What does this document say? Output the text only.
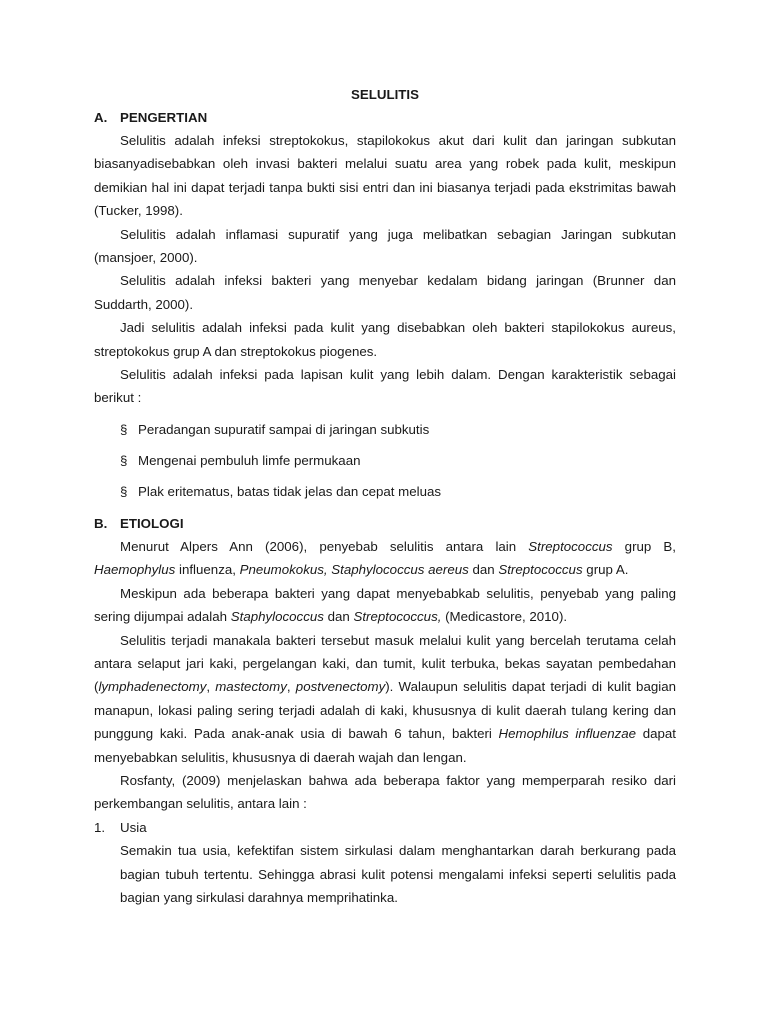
SELULITIS
A. PENGERTIAN

Selulitis adalah infeksi streptokokus, stapilokokus akut dari kulit dan jaringan subkutan biasanyadisebabkan oleh invasi bakteri melalui suatu area yang robek pada kulit, meskipun demikian hal ini dapat terjadi tanpa bukti sisi entri dan ini biasanya terjadi pada ekstrimitas bawah (Tucker, 1998).

Selulitis adalah inflamasi supuratif yang juga melibatkan sebagian Jaringan subkutan (mansjoer, 2000).

Selulitis adalah infeksi bakteri yang menyebar kedalam bidang jaringan (Brunner dan Suddarth, 2000).

Jadi selulitis adalah infeksi pada kulit yang disebabkan oleh bakteri stapilokokus aureus, streptokokus grup A dan streptokokus piogenes.

Selulitis adalah infeksi pada lapisan kulit yang lebih dalam. Dengan karakteristik sebagai berikut :

§ Peradangan supuratif sampai di jaringan subkutis
§ Mengenai pembuluh limfe permukaan
§ Plak eritematus, batas tidak jelas dan cepat meluas
B. ETIOLOGI

Menurut Alpers Ann (2006), penyebab selulitis antara lain Streptococcus grup B, Haemophylus influenza, Pneumokokus, Staphylococcus aereus dan Streptococcus grup A.

Meskipun ada beberapa bakteri yang dapat menyebabkab selulitis, penyebab yang paling sering dijumpai adalah Staphylococcus dan Streptococcus, (Medicastore, 2010).

Selulitis terjadi manakala bakteri tersebut masuk melalui kulit yang bercelah terutama celah antara selaput jari kaki, pergelangan kaki, dan tumit, kulit terbuka, bekas sayatan pembedahan (lymphadenectomy, mastectomy, postvenectomy). Walaupun selulitis dapat terjadi di kulit bagian manapun, lokasi paling sering terjadi adalah di kaki, khususnya di kulit daerah tulang kering dan punggung kaki. Pada anak-anak usia di bawah 6 tahun, bakteri Hemophilus influenzae dapat menyebabkan selulitis, khususnya di daerah wajah dan lengan.

Rosfanty, (2009) menjelaskan bahwa ada beberapa faktor yang memperparah resiko dari perkembangan selulitis, antara lain :

1.	Usia

Semakin tua usia, kefektifan sistem sirkulasi dalam menghantarkan darah berkurang pada bagian tubuh tertentu. Sehingga abrasi kulit potensi mengalami infeksi seperti selulitis pada bagian yang sirkulasi darahnya memprihatinka.
